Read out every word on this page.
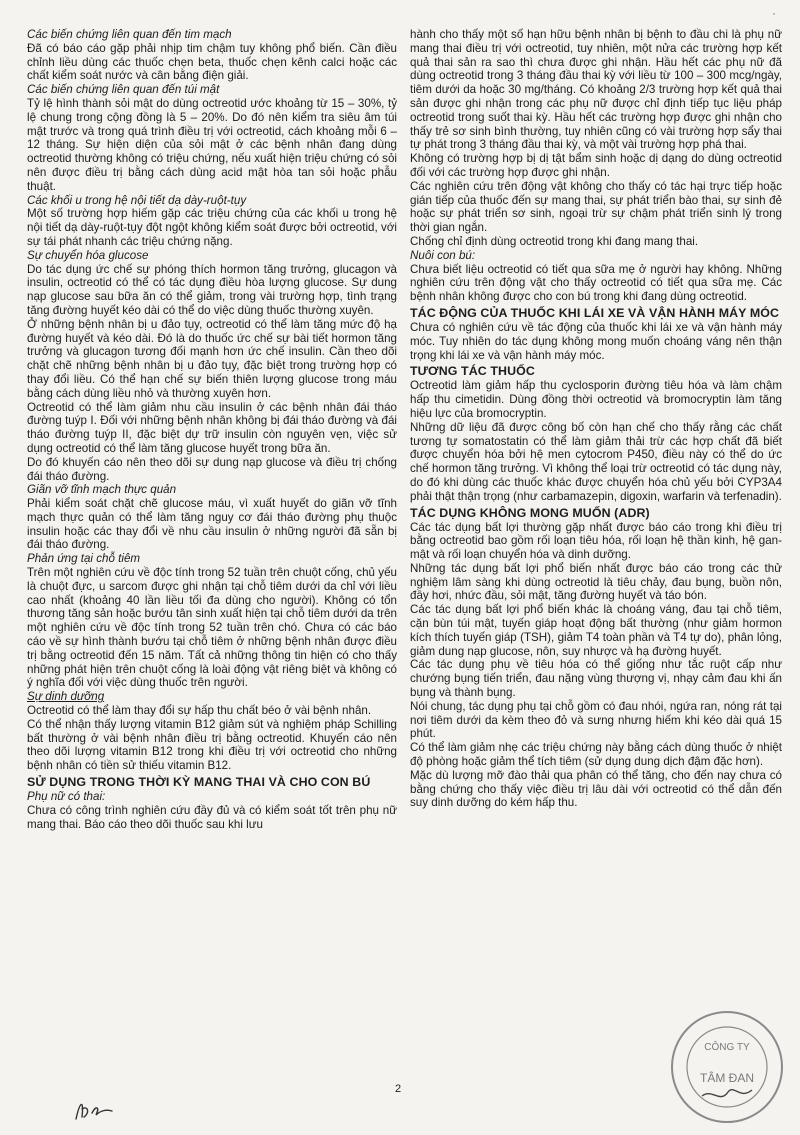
·

Các biến chứng liên quan đến tim mạch

Đã có báo cáo gặp phải nhịp tim chậm tuy không phổ biến. Cần điều chỉnh liều dùng các thuốc chẹn beta, thuốc chẹn kênh calci hoặc các chất kiểm soát nước và cân bằng điện giải.

Các biến chứng liên quan đến túi mật

Tỷ lệ hình thành sỏi mật do dùng octreotid ước khoảng từ 15 – 30%, tỷ lệ chung trong cộng đồng là 5 – 20%. Do đó nên kiểm tra siêu âm túi mật trước và trong quá trình điều trị với octreotid, cách khoảng mỗi 6 – 12 tháng. Sự hiện diện của sỏi mật ở các bệnh nhân đang dùng octreotid thường không có triệu chứng, nếu xuất hiện triệu chứng có sỏi nên được điều trị bằng cách dùng acid mật hòa tan sỏi hoặc phẫu thuật.

Các khối u trong hệ nội tiết dạ dày-ruột-tụy

Một số trường hợp hiếm gặp các triệu chứng của các khối u trong hệ nội tiết dạ dày-ruột-tụy đột ngột không kiểm soát được bởi octreotid, với sự tái phát nhanh các triệu chứng nặng.

Sự chuyển hóa glucose

Do tác dụng ức chế sự phóng thích hormon tăng trưởng, glucagon và insulin, octreotid có thể có tác dụng điều hòa lượng glucose. Sự dung nạp glucose sau bữa ăn có thể giảm, trong vài trường hợp, tình trạng tăng đường huyết kéo dài có thể do việc dùng thuốc thường xuyên.

Ở những bệnh nhân bị u đảo tụy, octreotid có thể làm tăng mức độ hạ đường huyết và kéo dài. Đó là do thuốc ức chế sự bài tiết hormon tăng trưởng và glucagon tương đối mạnh hơn ức chế insulin. Cần theo dõi chặt chẽ những bệnh nhân bị u đảo tụy, đặc biệt trong trường hợp có thay đổi liều. Có thể hạn chế sự biến thiên lượng glucose trong máu bằng cách dùng liều nhỏ và thường xuyên hơn.

Octreotid có thể làm giảm nhu cầu insulin ở các bệnh nhân đái tháo đường tuýp I. Đối với những bệnh nhân không bị đái tháo đường và đái tháo đường tuýp II, đặc biệt dự trữ insulin còn nguyên vẹn, việc sử dụng octreotid có thể làm tăng glucose huyết trong bữa ăn.

Do đó khuyến cáo nên theo dõi sự dung nạp glucose và điều trị chống đái tháo đường.

Giãn vỡ tĩnh mạch thực quản

Phải kiểm soát chặt chẽ glucose máu, vì xuất huyết do giãn vỡ tĩnh mạch thực quản có thể làm tăng nguy cơ đái tháo đường phụ thuộc insulin hoặc các thay đổi về nhu cầu insulin ở những người đã sẵn bị đái tháo đường.

Phản ứng tại chỗ tiêm

Trên một nghiên cứu về độc tính trong 52 tuần trên chuột cống, chủ yếu là chuột đực, u sarcom được ghi nhận tại chỗ tiêm dưới da chỉ với liều cao nhất (khoảng 40 lần liều tối đa dùng cho người). Không có tổn thương tăng sản hoặc bướu tân sinh xuất hiện tại chỗ tiêm dưới da trên một nghiên cứu về độc tính trong 52 tuần trên chó. Chưa có các báo cáo về sự hình thành bướu tại chỗ tiêm ở những bệnh nhân được điều trị bằng octreotid đến 15 năm. Tất cả những thông tin hiện có cho thấy những phát hiện trên chuột cống là loài động vật riêng biệt và không có ý nghĩa đối với việc dùng thuốc trên người.

Sự dinh dưỡng

Octreotid có thể làm thay đổi sự hấp thu chất béo ở vài bệnh nhân.

Có thể nhận thấy lượng vitamin B12 giảm sút và nghiệm pháp Schilling bất thường ở vài bệnh nhân điều trị bằng octreotid. Khuyến cáo nên theo dõi lượng vitamin B12 trong khi điều trị với octreotid cho những bệnh nhân có tiền sử thiếu vitamin B12.

SỬ DỤNG TRONG THỜI KỲ MANG THAI VÀ CHO CON BÚ

Phụ nữ có thai:

Chưa có công trình nghiên cứu đầy đủ và có kiểm soát tốt trên phụ nữ mang thai. Báo cáo theo dõi thuốc sau khi lưu

hành cho thấy một số hạn hữu bệnh nhân bị bệnh to đầu chi là phụ nữ mang thai điều trị với octreotid, tuy nhiên, một nửa các trường hợp kết quả thai sản ra sao thì chưa được ghi nhận. Hầu hết các phụ nữ đã dùng octreotid trong 3 tháng đầu thai kỳ với liều từ 100 – 300 mcg/ngày, tiêm dưới da hoặc 30 mg/tháng. Có khoảng 2/3 trường hợp kết quả thai sản được ghi nhận trong các phụ nữ được chỉ định tiếp tục liệu pháp octreotid trong suốt thai kỳ. Hầu hết các trường hợp được ghi nhận cho thấy trẻ sơ sinh bình thường, tuy nhiên cũng có vài trường hợp sẩy thai tự phát trong 3 tháng đầu thai kỳ, và một vài trường hợp phá thai.

Không có trường hợp bị dị tật bẩm sinh hoặc dị dạng do dùng octreotid đối với các trường hợp được ghi nhận.

Các nghiên cứu trên động vật không cho thấy có tác hại trực tiếp hoặc gián tiếp của thuốc đến sự mang thai, sự phát triển bào thai, sự sinh đẻ hoặc sự phát triển sơ sinh, ngoại trừ sự chậm phát triển sinh lý trong thời gian ngắn.

Chống chỉ định dùng octreotid trong khi đang mang thai.

Nuôi con bú:

Chưa biết liệu octreotid có tiết qua sữa mẹ ở người hay không. Những nghiên cứu trên động vật cho thấy octreotid có tiết qua sữa mẹ. Các bệnh nhân không được cho con bú trong khi đang dùng octreotid.

TÁC ĐỘNG CỦA THUỐC KHI LÁI XE VÀ VẬN HÀNH MÁY MÓC

Chưa có nghiên cứu về tác động của thuốc khi lái xe và vận hành máy móc. Tuy nhiên do tác dụng không mong muốn choáng váng nên thận trọng khi lái xe và vận hành máy móc.

TƯƠNG TÁC THUỐC

Octreotid làm giảm hấp thu cyclosporin đường tiêu hóa và làm chậm hấp thu cimetidin. Dùng đồng thời octreotid và bromocryptin làm tăng hiệu lực của bromocryptin.

Những dữ liệu đã được công bố còn hạn chế cho thấy rằng các chất tương tự somatostatin có thể làm giảm thải trừ các hợp chất đã biết được chuyển hóa bởi hệ men cytocrom P450, điều này có thể do ức chế hormon tăng trưởng. Vì không thể loại trừ octreotid có tác dụng này, do đó khi dùng các thuốc khác được chuyển hóa chủ yếu bởi CYP3A4 phải thật thận trọng (như carbamazepin, digoxin, warfarin và terfenadin).

TÁC DỤNG KHÔNG MONG MUỐN (ADR)

Các tác dụng bất lợi thường gặp nhất được báo cáo trong khi điều trị bằng octreotid bao gồm rối loạn tiêu hóa, rối loạn hệ thần kinh, hệ gan-mật và rối loạn chuyển hóa và dinh dưỡng.

Những tác dụng bất lợi phổ biến nhất được báo cáo trong các thử nghiệm lâm sàng khi dùng octreotid là tiêu chảy, đau bụng, buồn nôn, đầy hơi, nhức đầu, sỏi mật, tăng đường huyết và táo bón.

Các tác dụng bất lợi phổ biến khác là choáng váng, đau tại chỗ tiêm, cặn bùn túi mật, tuyến giáp hoạt động bất thường (như giảm hormon kích thích tuyến giáp (TSH), giảm T4 toàn phần và T4 tự do), phân lỏng, giảm dung nạp glucose, nôn, suy nhược và hạ đường huyết.

Các tác dụng phụ về tiêu hóa có thể giống như tắc ruột cấp như chướng bụng tiến triển, đau nặng vùng thượng vị, nhạy cảm đau khi ấn bụng và thành bụng.

Nói chung, tác dụng phụ tại chỗ gồm có đau nhói, ngứa ran, nóng rát tại nơi tiêm dưới da kèm theo đỏ và sưng nhưng hiếm khi kéo dài quá 15 phút.

Có thể làm giảm nhẹ các triệu chứng này bằng cách dùng thuốc ở nhiệt độ phòng hoặc giảm thể tích tiêm (sử dụng dung dịch đậm đặc hơn).

Mặc dù lượng mỡ đào thải qua phân có thể tăng, cho đến nay chưa có bằng chứng cho thấy việc điều trị lâu dài với octreotid có thể dẫn đến suy dinh dưỡng do kém hấp thu.

2
CÔNG TY
TÂM ĐAN
